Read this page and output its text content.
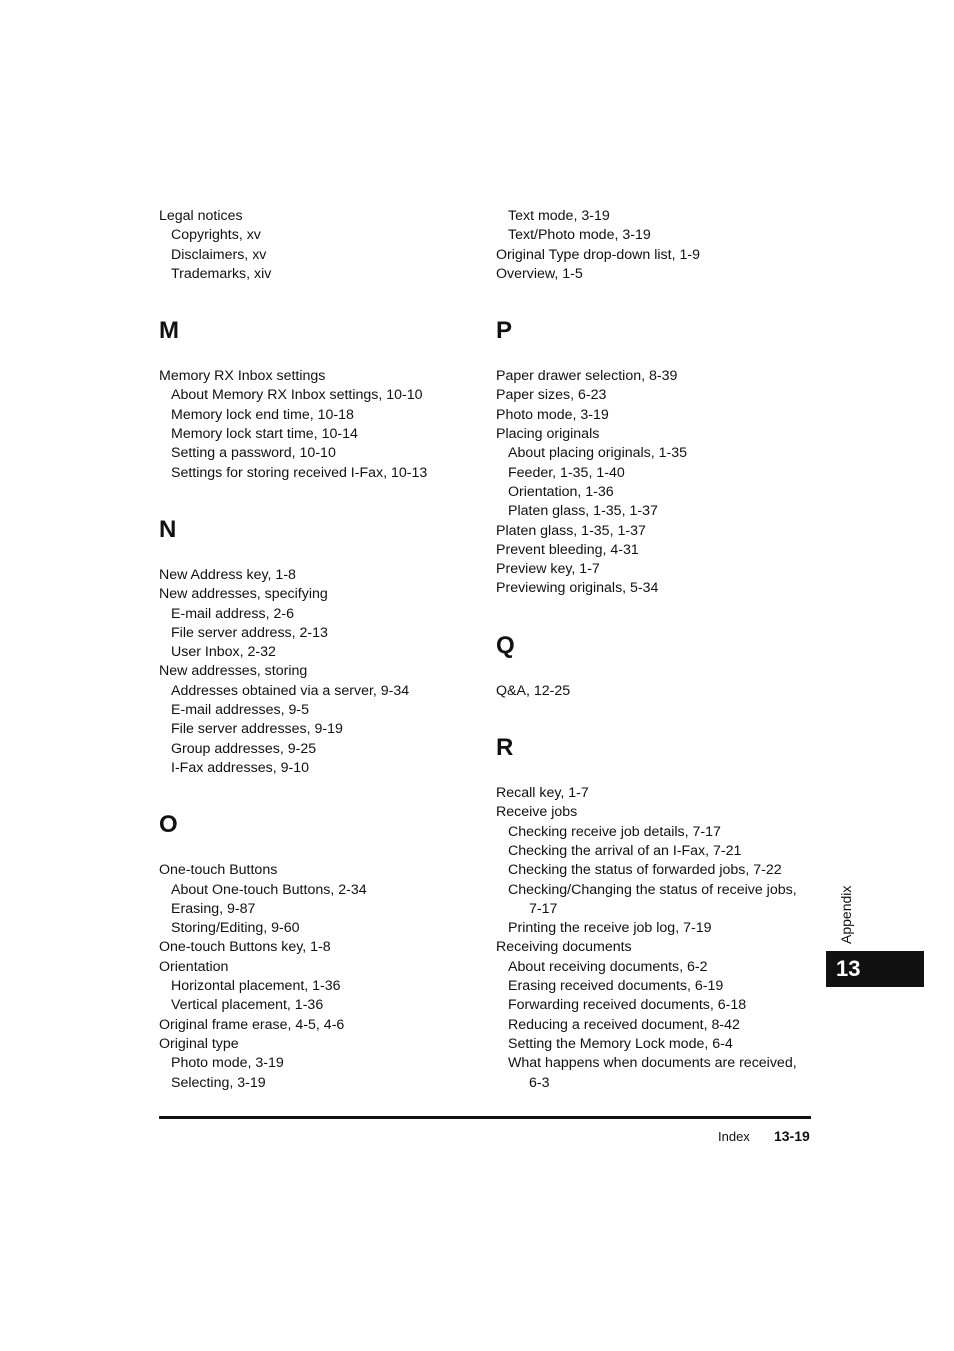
Legal notices
Copyrights, xv
Disclaimers, xv
Trademarks, xiv
M
Memory RX Inbox settings
About Memory RX Inbox settings, 10-10
Memory lock end time, 10-18
Memory lock start time, 10-14
Setting a password, 10-10
Settings for storing received I-Fax, 10-13
N
New Address key, 1-8
New addresses, specifying
E-mail address, 2-6
File server address, 2-13
User Inbox, 2-32
New addresses, storing
Addresses obtained via a server, 9-34
E-mail addresses, 9-5
File server addresses, 9-19
Group addresses, 9-25
I-Fax addresses, 9-10
O
One-touch Buttons
About One-touch Buttons, 2-34
Erasing, 9-87
Storing/Editing, 9-60
One-touch Buttons key, 1-8
Orientation
Horizontal placement, 1-36
Vertical placement, 1-36
Original frame erase, 4-5, 4-6
Original type
Photo mode, 3-19
Selecting, 3-19
Text mode, 3-19
Text/Photo mode, 3-19
Original Type drop-down list, 1-9
Overview, 1-5
P
Paper drawer selection, 8-39
Paper sizes, 6-23
Photo mode, 3-19
Placing originals
About placing originals, 1-35
Feeder, 1-35, 1-40
Orientation, 1-36
Platen glass, 1-35, 1-37
Platen glass, 1-35, 1-37
Prevent bleeding, 4-31
Preview key, 1-7
Previewing originals, 5-34
Q
Q&A, 12-25
R
Recall key, 1-7
Receive jobs
Checking receive job details, 7-17
Checking the arrival of an I-Fax, 7-21
Checking the status of forwarded jobs, 7-22
Checking/Changing the status of receive jobs,
7-17
Printing the receive job log, 7-19
Receiving documents
About receiving documents, 6-2
Erasing received documents, 6-19
Forwarding received documents, 6-18
Reducing a received document, 8-42
Setting the Memory Lock mode, 6-4
What happens when documents are received,
6-3
Index 13-19
Appendix
13
